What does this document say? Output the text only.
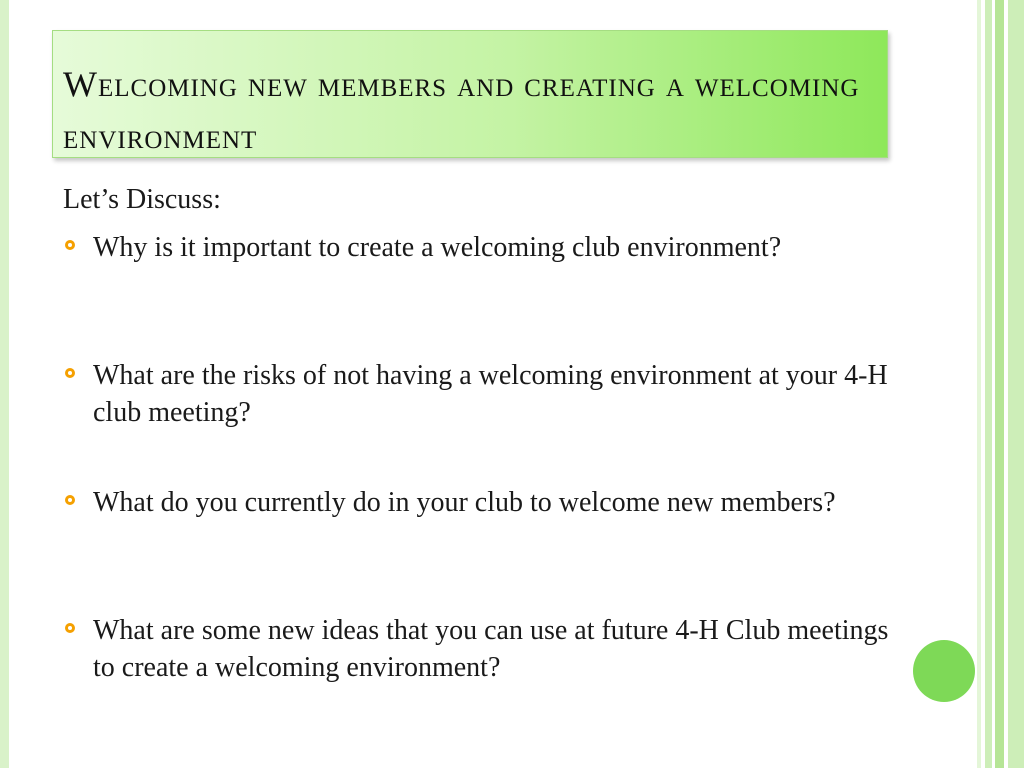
Welcoming new members and creating a welcoming environment
Let’s Discuss:
Why is it important to create a welcoming club environment?
What are the risks of not having a welcoming environment at your 4-H club meeting?
What do you currently do in your club to welcome new members?
What are some new ideas that you can use at future 4-H Club meetings to create a welcoming environment?
